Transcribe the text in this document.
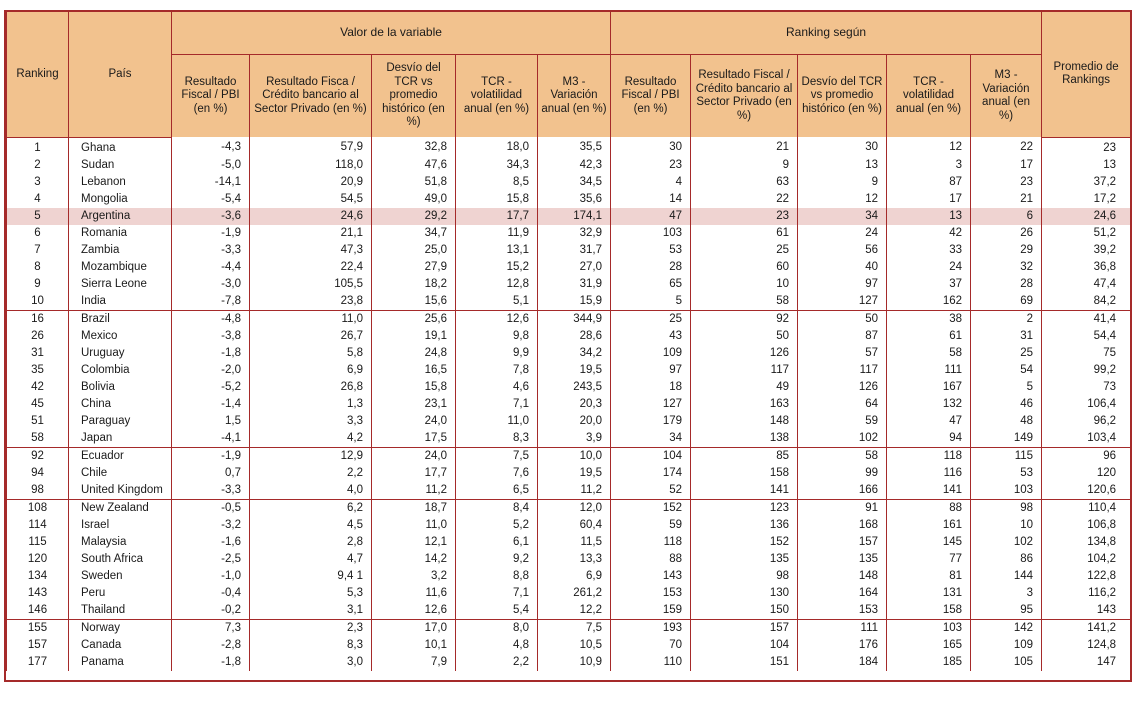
Ranking	País	Valor de la variable					Ranking según					Promedio de Rankings
		Resultado Fiscal / PBI (en %)	Resultado Fisca / Crédito bancario al Sector Privado (en %)	Desvío del TCR vs promedio histórico (en %)	TCR - volatilidad anual (en %)	M3 - Variación anual (en %)	Resultado Fiscal / PBI (en %)	Resultado Fiscal / Crédito bancario al Sector Privado (en %)	Desvío del TCR vs promedio histórico (en %)	TCR - volatilidad anual (en %)	M3 - Variación anual (en %)	
1	Ghana	-4,3	57,9	32,8	18,0	35,5	30	21	30	12	22	23
2	Sudan	-5,0	118,0	47,6	34,3	42,3	23	9	13	3	17	13
3	Lebanon	-14,1	20,9	51,8	8,5	34,5	4	63	9	87	23	37,2
4	Mongolia	-5,4	54,5	49,0	15,8	35,6	14	22	12	17	21	17,2
5	Argentina	-3,6	24,6	29,2	17,7	174,1	47	23	34	13	6	24,6
6	Romania	-1,9	21,1	34,7	11,9	32,9	103	61	24	42	26	51,2
7	Zambia	-3,3	47,3	25,0	13,1	31,7	53	25	56	33	29	39,2
8	Mozambique	-4,4	22,4	27,9	15,2	27,0	28	60	40	24	32	36,8
9	Sierra Leone	-3,0	105,5	18,2	12,8	31,9	65	10	97	37	28	47,4
10	India	-7,8	23,8	15,6	5,1	15,9	5	58	127	162	69	84,2
16	Brazil	-4,8	11,0	25,6	12,6	344,9	25	92	50	38	2	41,4
26	Mexico	-3,8	26,7	19,1	9,8	28,6	43	50	87	61	31	54,4
31	Uruguay	-1,8	5,8	24,8	9,9	34,2	109	126	57	58	25	75
35	Colombia	-2,0	6,9	16,5	7,8	19,5	97	117	117	111	54	99,2
42	Bolivia	-5,2	26,8	15,8	4,6	243,5	18	49	126	167	5	73
45	China	-1,4	1,3	23,1	7,1	20,3	127	163	64	132	46	106,4
51	Paraguay	1,5	3,3	24,0	11,0	20,0	179	148	59	47	48	96,2
58	Japan	-4,1	4,2	17,5	8,3	3,9	34	138	102	94	149	103,4
92	Ecuador	-1,9	12,9	24,0	7,5	10,0	104	85	58	118	115	96
94	Chile	0,7	2,2	17,7	7,6	19,5	174	158	99	116	53	120
98	United Kingdom	-3,3	4,0	11,2	6,5	11,2	52	141	166	141	103	120,6
108	New Zealand	-0,5	6,2	18,7	8,4	12,0	152	123	91	88	98	110,4
114	Israel	-3,2	4,5	11,0	5,2	60,4	59	136	168	161	10	106,8
115	Malaysia	-1,6	2,8	12,1	6,1	11,5	118	152	157	145	102	134,8
120	South Africa	-2,5	4,7	14,2	9,2	13,3	88	135	135	77	86	104,2
134	Sweden	-1,0	9,4 1	3,2	8,8	6,9	143	98	148	81	144	122,8
143	Peru	-0,4	5,3	11,6	7,1	261,2	153	130	164	131	3	116,2
146	Thailand	-0,2	3,1	12,6	5,4	12,2	159	150	153	158	95	143
155	Norway	7,3	2,3	17,0	8,0	7,5	193	157	111	103	142	141,2
157	Canada	-2,8	8,3	10,1	4,8	10,5	70	104	176	165	109	124,8
177	Panama	-1,8	3,0	7,9	2,2	10,9	110	151	184	185	105	147
